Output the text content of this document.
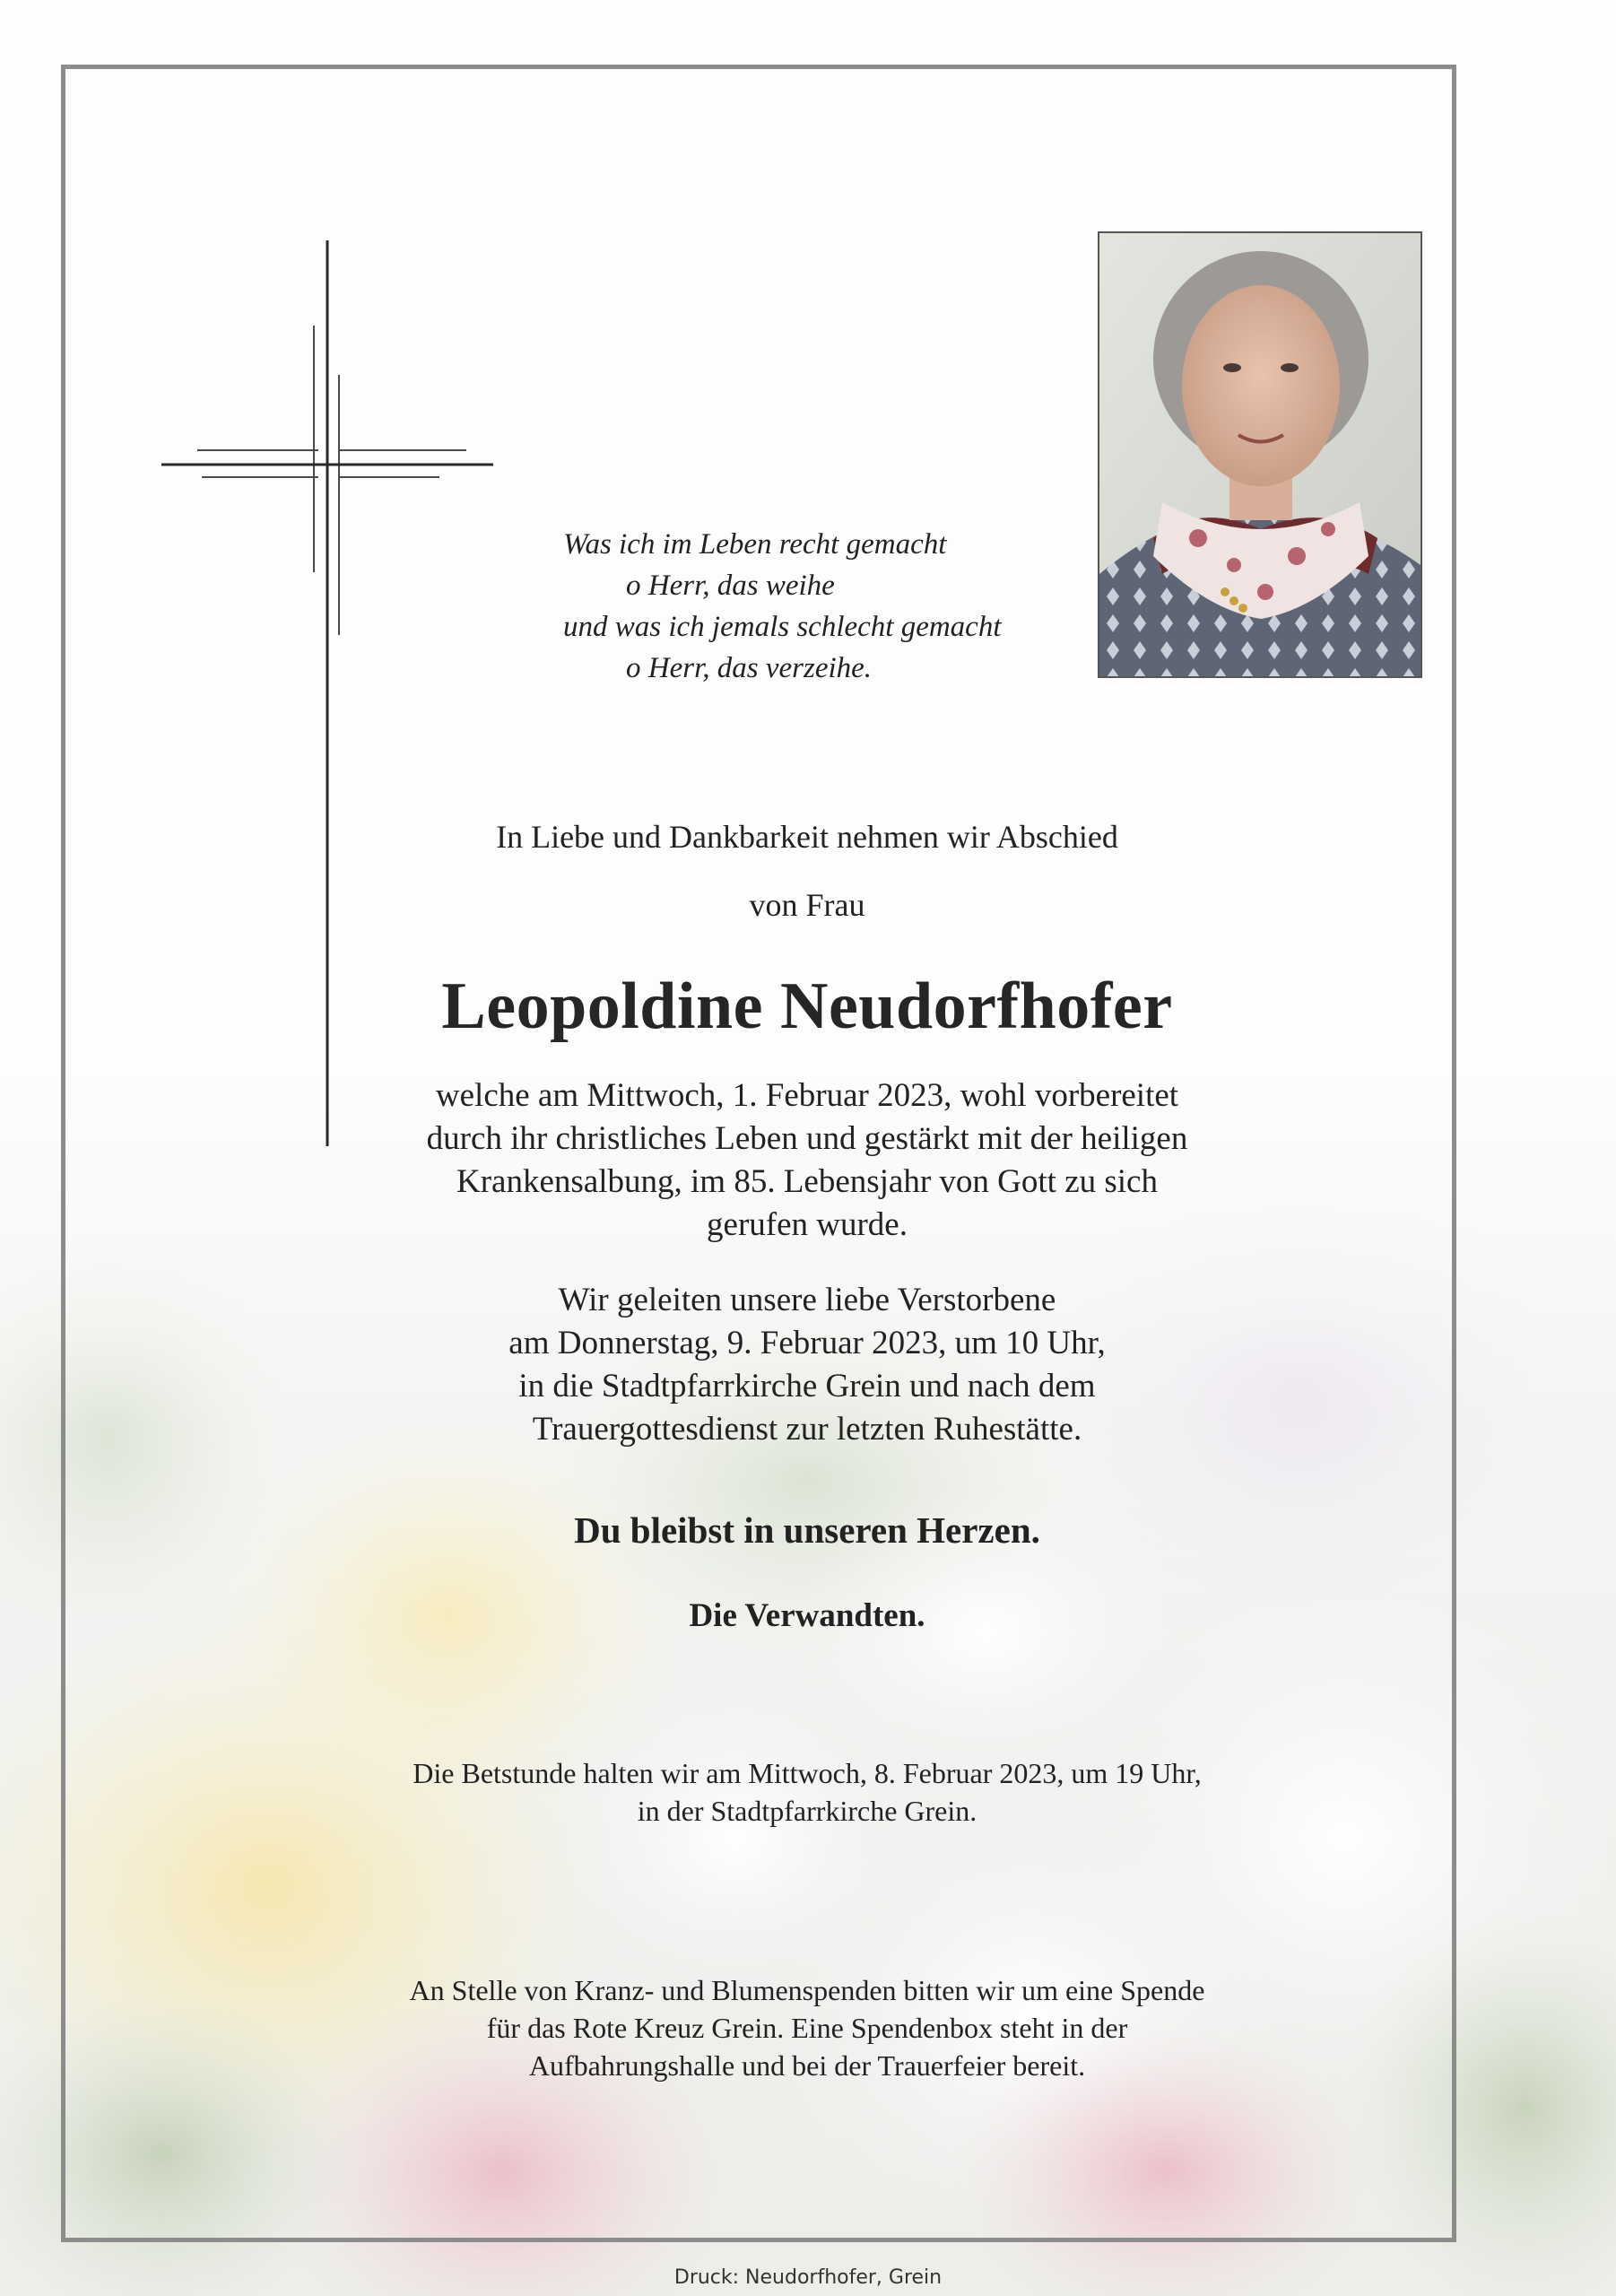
Was ich im Leben recht gemacht
o Herr, das weihe
und was ich jemals schlecht gemacht
o Herr, das verzeihe.
In Liebe und Dankbarkeit nehmen wir Abschied
von Frau
Leopoldine Neudorfhofer
welche am Mittwoch, 1. Februar 2023, wohl vorbereitet
durch ihr christliches Leben und gestärkt mit der heiligen
Krankensalbung, im 85. Lebensjahr von Gott zu sich
gerufen wurde.
Wir geleiten unsere liebe Verstorbene
am Donnerstag, 9. Februar 2023, um 10 Uhr,
in die Stadtpfarrkirche Grein und nach dem
Trauergottesdienst zur letzten Ruhestätte.
Du bleibst in unseren Herzen.
Die Verwandten.
Die Betstunde halten wir am Mittwoch, 8. Februar 2023, um 19 Uhr,
in der Stadtpfarrkirche Grein.
An Stelle von Kranz- und Blumenspenden bitten wir um eine Spende
für das Rote Kreuz Grein. Eine Spendenbox steht in der
Aufbahrungshalle und bei der Trauerfeier bereit.
Druck: Neudorfhofer, Grein
